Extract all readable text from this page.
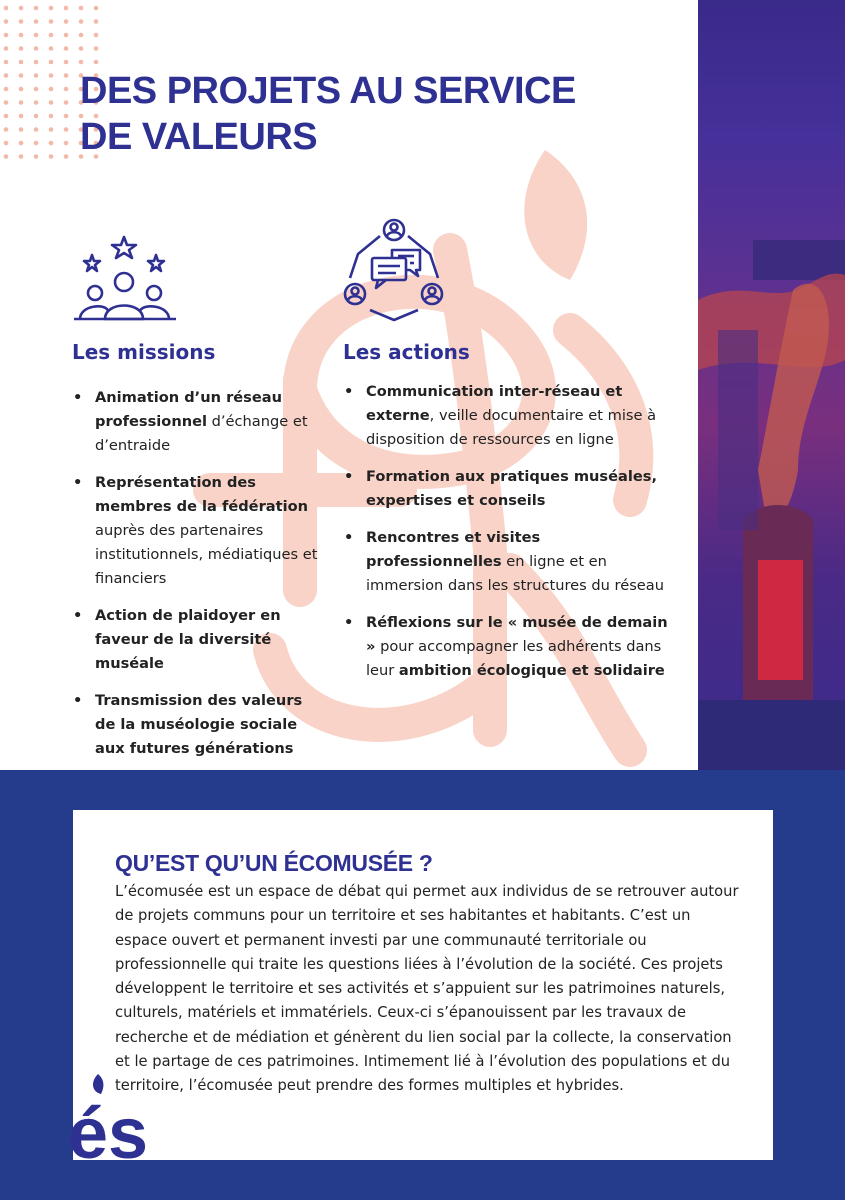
DES PROJETS AU SERVICE DE VALEURS
Les missions	Les actions
• Animation d’un réseau professionnel d’échange et d’entraide
• Représentation des membres de la fédération auprès des partenaires institutionnels, médiatiques et financiers
• Action de plaidoyer en faveur de la diversité muséale
• Transmission des valeurs de la muséologie sociale aux futures générations
• Communication inter-réseau et externe, veille documentaire et mise à disposition de ressources en ligne
• Formation aux pratiques muséales, expertises et conseils
• Rencontres et visites professionnelles en ligne et en immersion dans les structures du réseau
• Réflexions sur le « musée de demain » pour accompagner les adhérents dans leur ambition écologique et solidaire
QU’EST QU’UN ÉCOMUSÉE ?

L’écomusée est un espace de débat qui permet aux individus de se retrouver autour de projets communs pour un territoire et ses habitantes et habitants. C’est un espace ouvert et permanent investi par une communauté territoriale ou professionnelle qui traite les questions liées à l’évolution de la société. Ces projets développent le territoire et ses activités et s’appuient sur les patrimoines naturels, culturels, matériels et immatériels. Ceux-ci s’épanouissent par les travaux de recherche et de médiation et génèrent du lien social par la collecte, la conservation et le partage de ces patrimoines. Intimement lié à l’évolution des populations et du territoire, l’écomusée peut prendre des formes multiples et hybrides.

és
